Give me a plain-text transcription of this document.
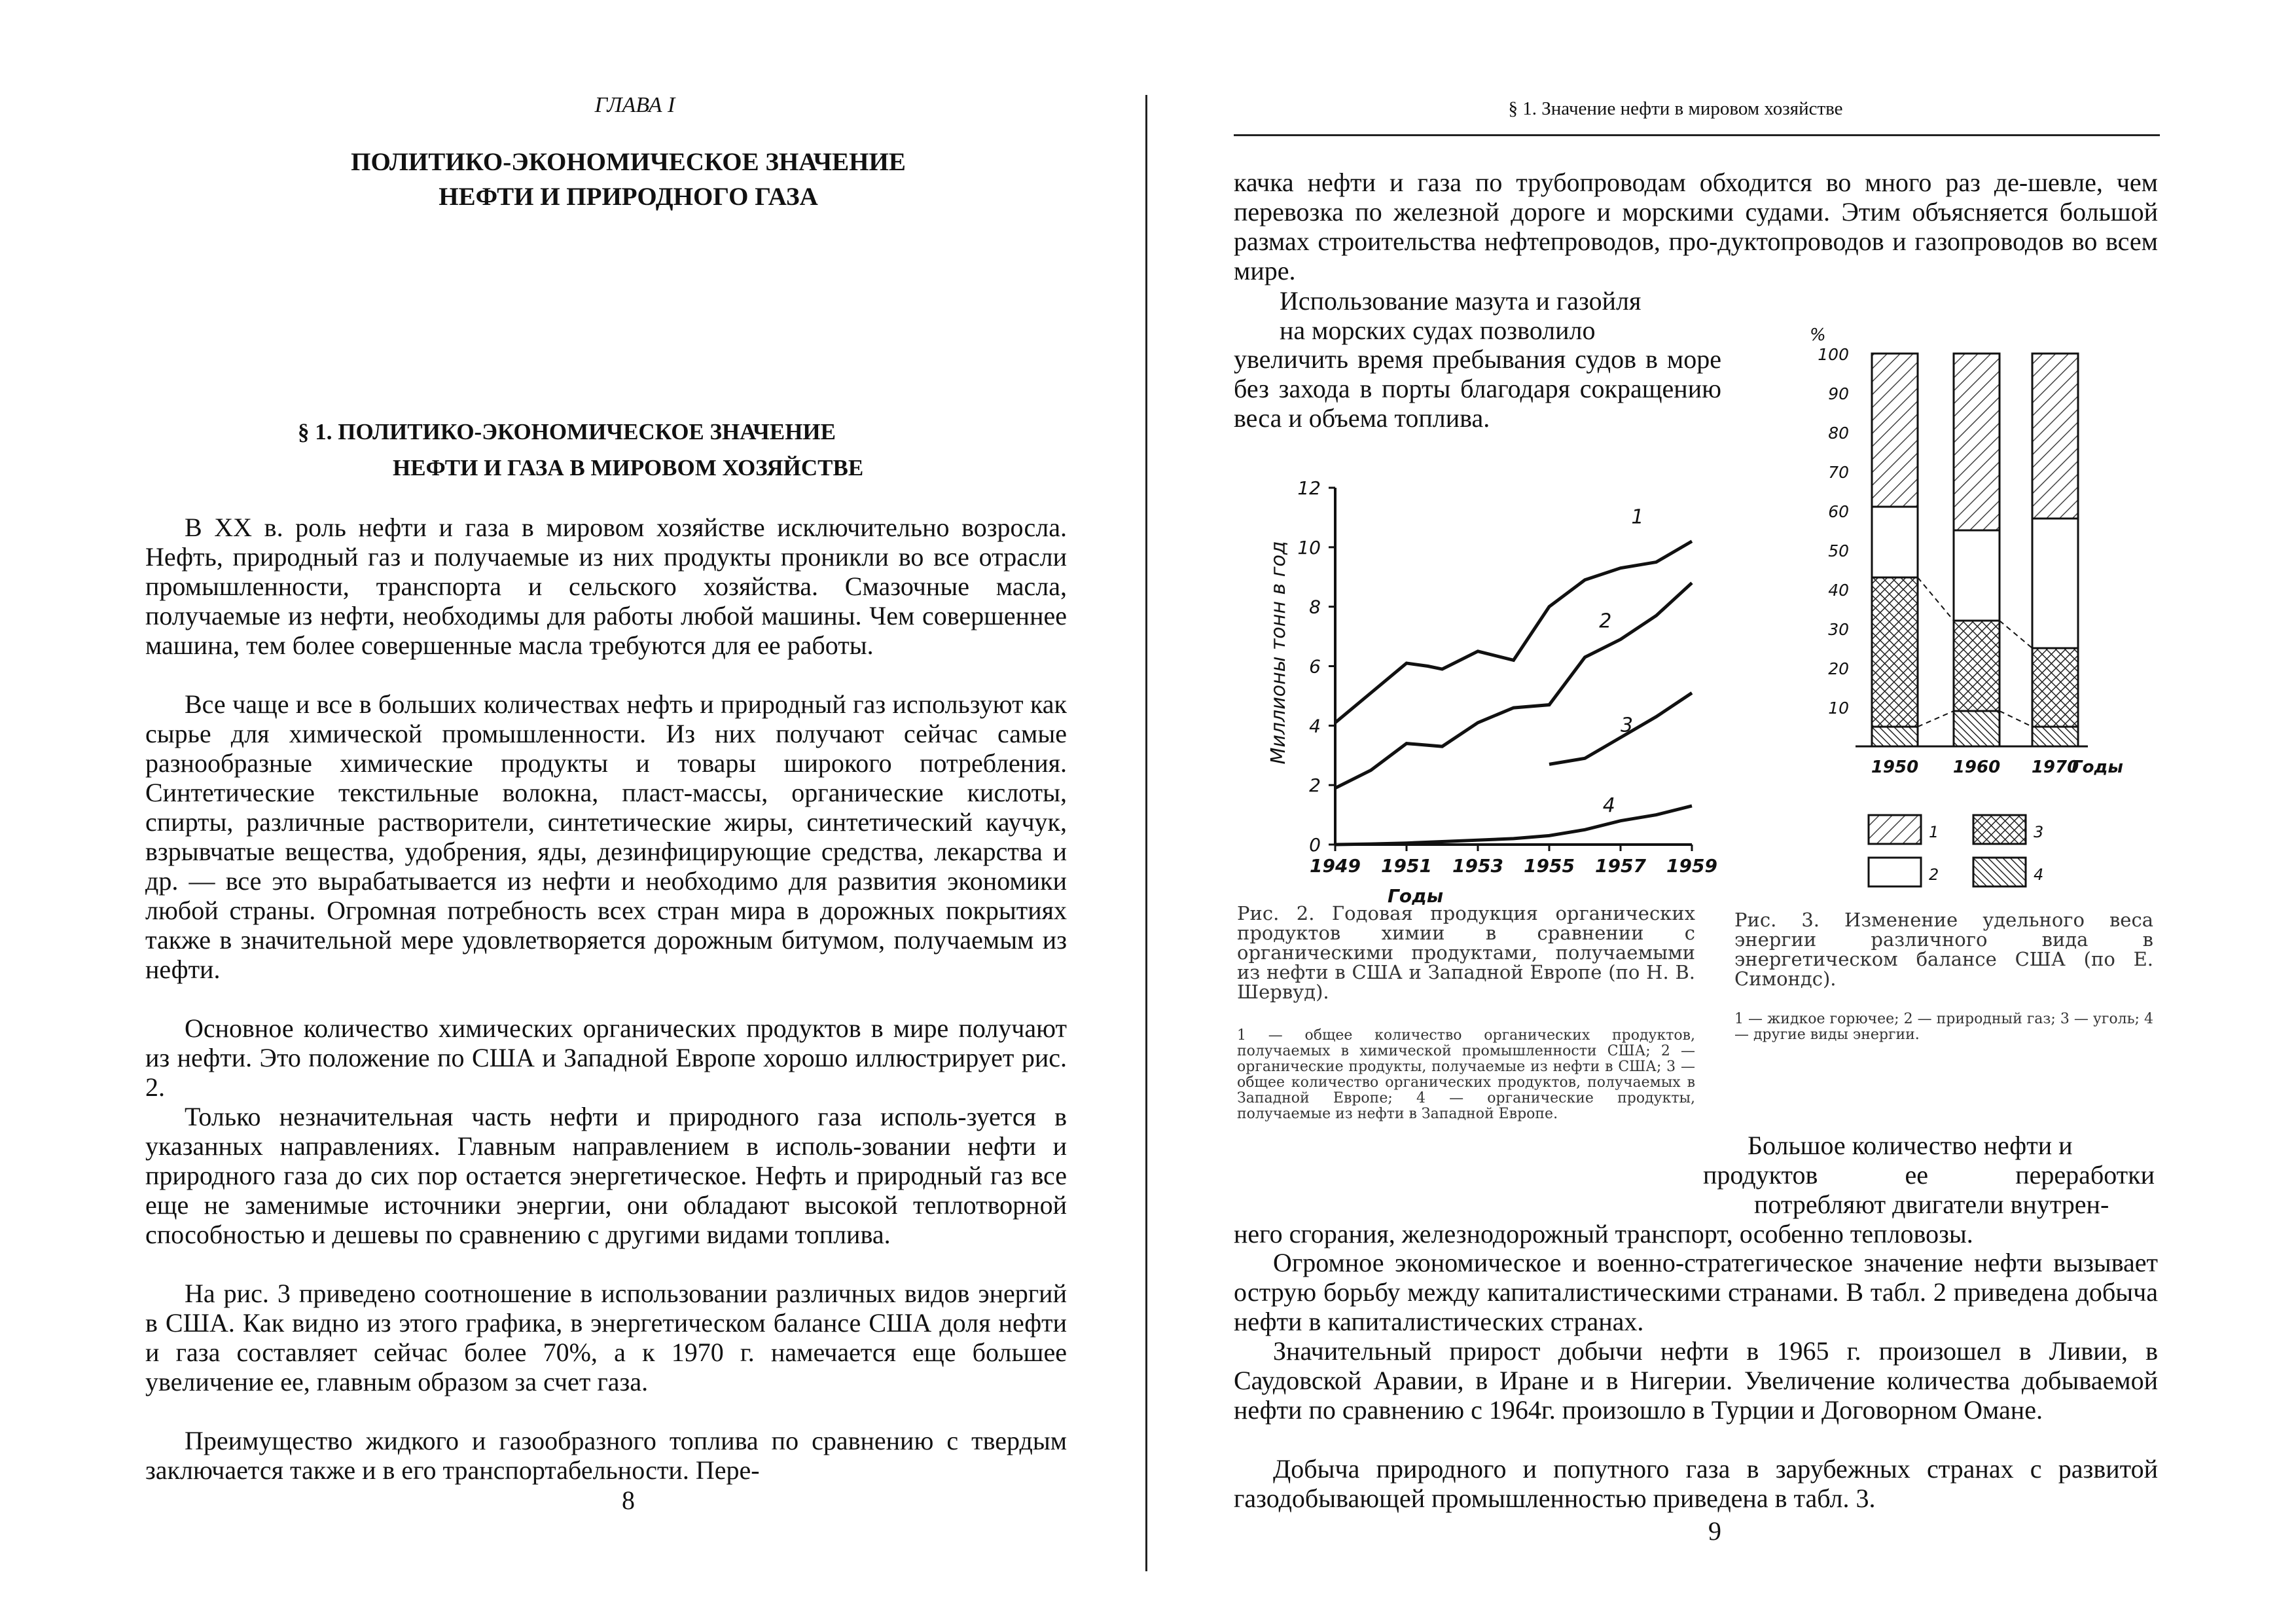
ГЛАВА I
ПОЛИТИКО-ЭКОНОМИЧЕСКОЕ ЗНАЧЕНИЕ
НЕФТИ И ПРИРОДНОГО ГАЗА
§ 1. ПОЛИТИКО-ЭКОНОМИЧЕСКОЕ ЗНАЧЕНИЕ
НЕФТИ И ГАЗА В МИРОВОМ ХОЗЯЙСТВЕ

В XX в. роль нефти и газа в мировом хозяйстве исключительно возросла. Нефть, природный газ и получаемые из них продукты проникли во все отрасли промышленности, транспорта и сельского хозяйства. Смазочные масла, получаемые из нефти, необходимы для работы любой машины. Чем совершеннее машина, тем более совершенные масла требуются для ее работы.

Все чаще и все в больших количествах нефть и природный газ используют как сырье для химической промышленности. Из них получают сейчас самые разнообразные химические продукты и товары широкого потребления. Синтетические текстильные волокна, пласт-массы, органические кислоты, спирты, различные растворители, синтетические жиры, синтетический каучук, взрывчатые вещества, удобрения, яды, дезинфицирующие средства, лекарства и др. — все это вырабатывается из нефти и необходимо для развития экономики любой страны. Огромная потребность всех стран мира в дорожных покрытиях также в значительной мере удовлетворяется дорожным битумом, получаемым из нефти.

Основное количество химических органических продуктов в мире получают из нефти. Это положение по США и Западной Европе хорошо иллюстрирует рис. 2.

Только незначительная часть нефти и природного газа исполь-зуется в указанных направлениях. Главным направлением в исполь-зовании нефти и природного газа до сих пор остается энергетическое. Нефть и природный газ все еще не заменимые источники энергии, они обладают высокой теплотворной способностью и дешевы по сравнению с другими видами топлива.

На рис. 3 приведено соотношение в использовании различных видов энергий в США. Как видно из этого графика, в энергетическом балансе США доля нефти и газа составляет сейчас более 70%, а к 1970 г. намечается еще большее увеличение ее, главным образом за счет газа.

Преимущество жидкого и газообразного топлива по сравнению с твердым заключается также и в его транспортабельности. Пере-

8
§ 1. Значение нефти в мировом хозяйстве

качка нефти и газа по трубопроводам обходится во много раз де-шевле, чем перевозка по железной дороге и морскими судами. Этим объясняется большой размах строительства нефтепроводов, про-дуктопроводов и газопроводов во всем мире.

Использование мазута и газойля
на морских судах позволило

увеличить время пребывания судов в море без захода в порты благодаря сокращению веса и объема топлива.

0
2
4
6
8
10
12
1949 1951 1953 1955 1957 1959
Годы
Миллионы тонн в год
1
2
3
4
Рис. 2. Годовая продукция органических продуктов химии в сравнении с органическими продуктами, получаемыми из нефти в США и Западной Европе (по Н. В. Шервуд).
1 — общее количество органических продуктов, получаемых в химической промышленности США; 2 — органические продукты, получаемые из нефти в США; 3 — общее количество органических продуктов, получаемых в Западной Европе; 4 — органические продукты, получаемые из нефти в Западной Европе.
%
10
20
30
40
50
60
70
80
90
100
1950 1960 1970
Годы
1	3
2	4
Рис. 3. Изменение удельного веса энергии различного вида в энергетическом балансе США (по Е. Симондс).
1 — жидкое горючее; 2 — природный газ; 3 — уголь; 4 — другие виды энергии.
Большое количество нефти и
продуктов ее переработки
потребляют двигатели внутрен-
него сгорания, железнодорожный транспорт, особенно тепловозы.

Огромное экономическое и военно-стратегическое значение нефти вызывает острую борьбу между капиталистическими странами. В табл. 2 приведена добыча нефти в капиталистических странах.

Значительный прирост добычи нефти в 1965 г. произошел в Ливии, в Саудовской Аравии, в Иране и в Нигерии. Увеличение количества добываемой нефти по сравнению с 1964г. произошло в Турции и Договорном Омане.

Добыча природного и попутного газа в зарубежных странах с развитой газодобывающей промышленностью приведена в табл. 3.

9
